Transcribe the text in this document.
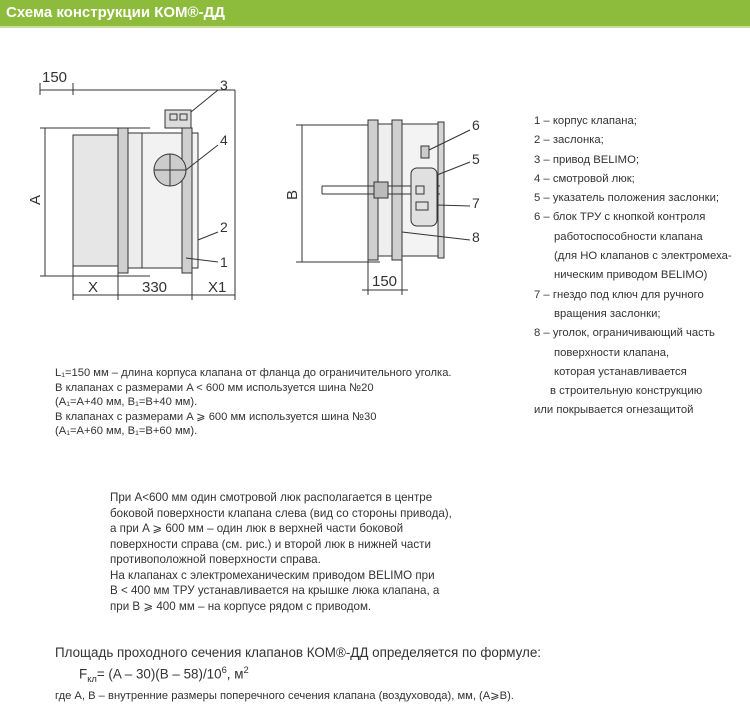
Схема конструкции КОМ®-ДД
150
A
X	330	X1
3
4
2
1
B
150
6
5
7
8
1 – корпус клапана;
2 – заслонка;
3 – привод BELIMO;
4 – смотровой люк;
5 – указатель положения заслонки;
6 – блок ТРУ с кнопкой контроля
работоспособности клапана
(для НО клапанов с электромеха-
ническим приводом BELIMO)
7 – гнездо под ключ для ручного
вращения заслонки;
8 – уголок, ограничивающий часть
поверхности клапана,
которая устанавливается
в строительную конструкцию
или покрывается огнезащитой
L₁=150 мм – длина корпуса клапана от фланца до ограничительного уголка.
В клапанах с размерами A < 600 мм используется шина №20
(A₁=A+40 мм, B₁=B+40 мм).
В клапанах с размерами A ⩾ 600 мм используется шина №30
(A₁=A+60 мм, B₁=B+60 мм).
При A<600 мм один смотровой люк располагается в центре
боковой поверхности клапана слева (вид со стороны привода),
а при A ⩾ 600 мм – один люк в верхней части боковой
поверхности справа (см. рис.) и второй люк в нижней части
противоположной поверхности справа.
На клапанах с электромеханическим приводом BELIMO при
B < 400 мм ТРУ устанавливается на крышке люка клапана, а
при B ⩾ 400 мм – на корпусе рядом с приводом.
Площадь проходного сечения клапанов КОМ®-ДД определяется по формуле:
$F_{кл}= (A - 30)(B - 58)/10^6$, $м^2$
где A, B – внутренние размеры поперечного сечения клапана (воздуховода), мм, (A⩾B).
